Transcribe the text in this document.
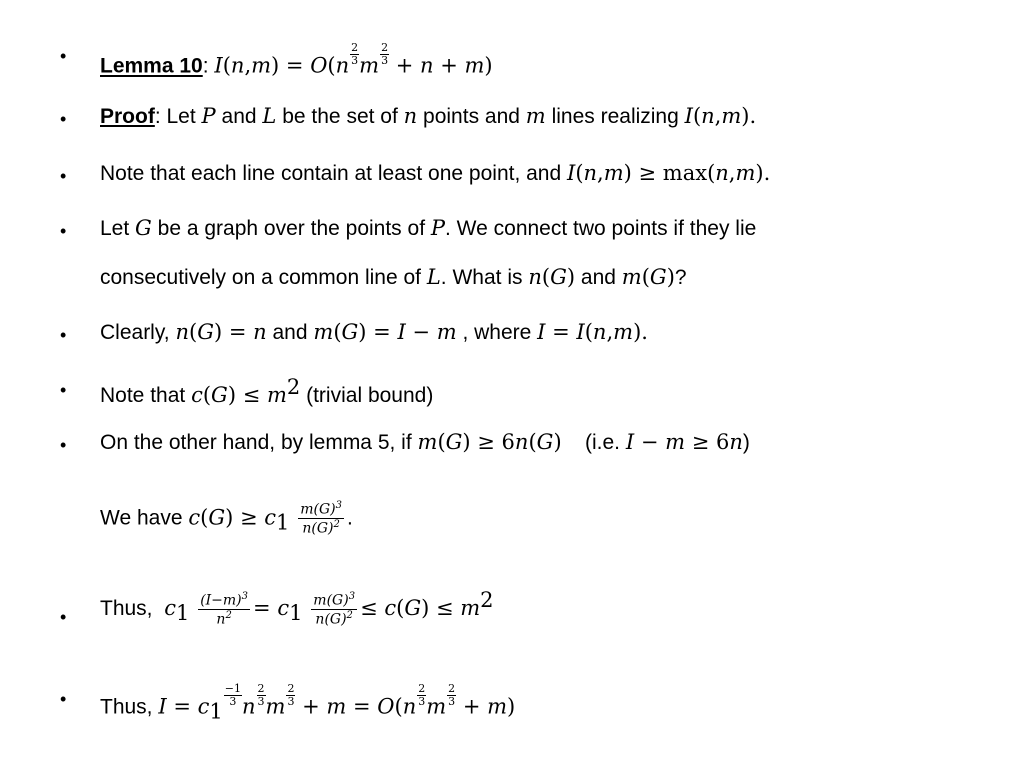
• Lemma 10: $I(n,m) = O(n \frac{2}{3}$ m $\frac{2}{3} + n + m$)
• Proof: Let P and L be the set of n points and m lines realizing I(n,m).
• Note that each line contain at least one point, and I(n,m) ≥ max(n,m).
• Let G be a graph over the points of P. We connect two points if they lie
consecutively on a common line of L. What is n(G) and m(G)?
• Clearly, n(G) = n and m(G) = I − m , where I = I(n,m).
• Note that $c(G) \le m^2$ (trivial bound)
• On the other hand, by lemma 5, if m(G) ≥ 6n(G) (i.e. I − m ≥ 6n)
We have $c(G) \ge c_1 \frac{m(G)^3}{n(G)^2}$ .
• Thus, $c_1 \frac{(I-m)^3}{n^2} = c_1 \frac{m(G)^3}{n(G)^2} \le c(G) \le m^2$
• Thus, $I = c_1$
$\frac{-1}{3}$ n $\frac{2}{3}$ m $\frac{2}{3} + m = O(n \frac{2}{3}$ m $\frac{2}{3} + m$)
